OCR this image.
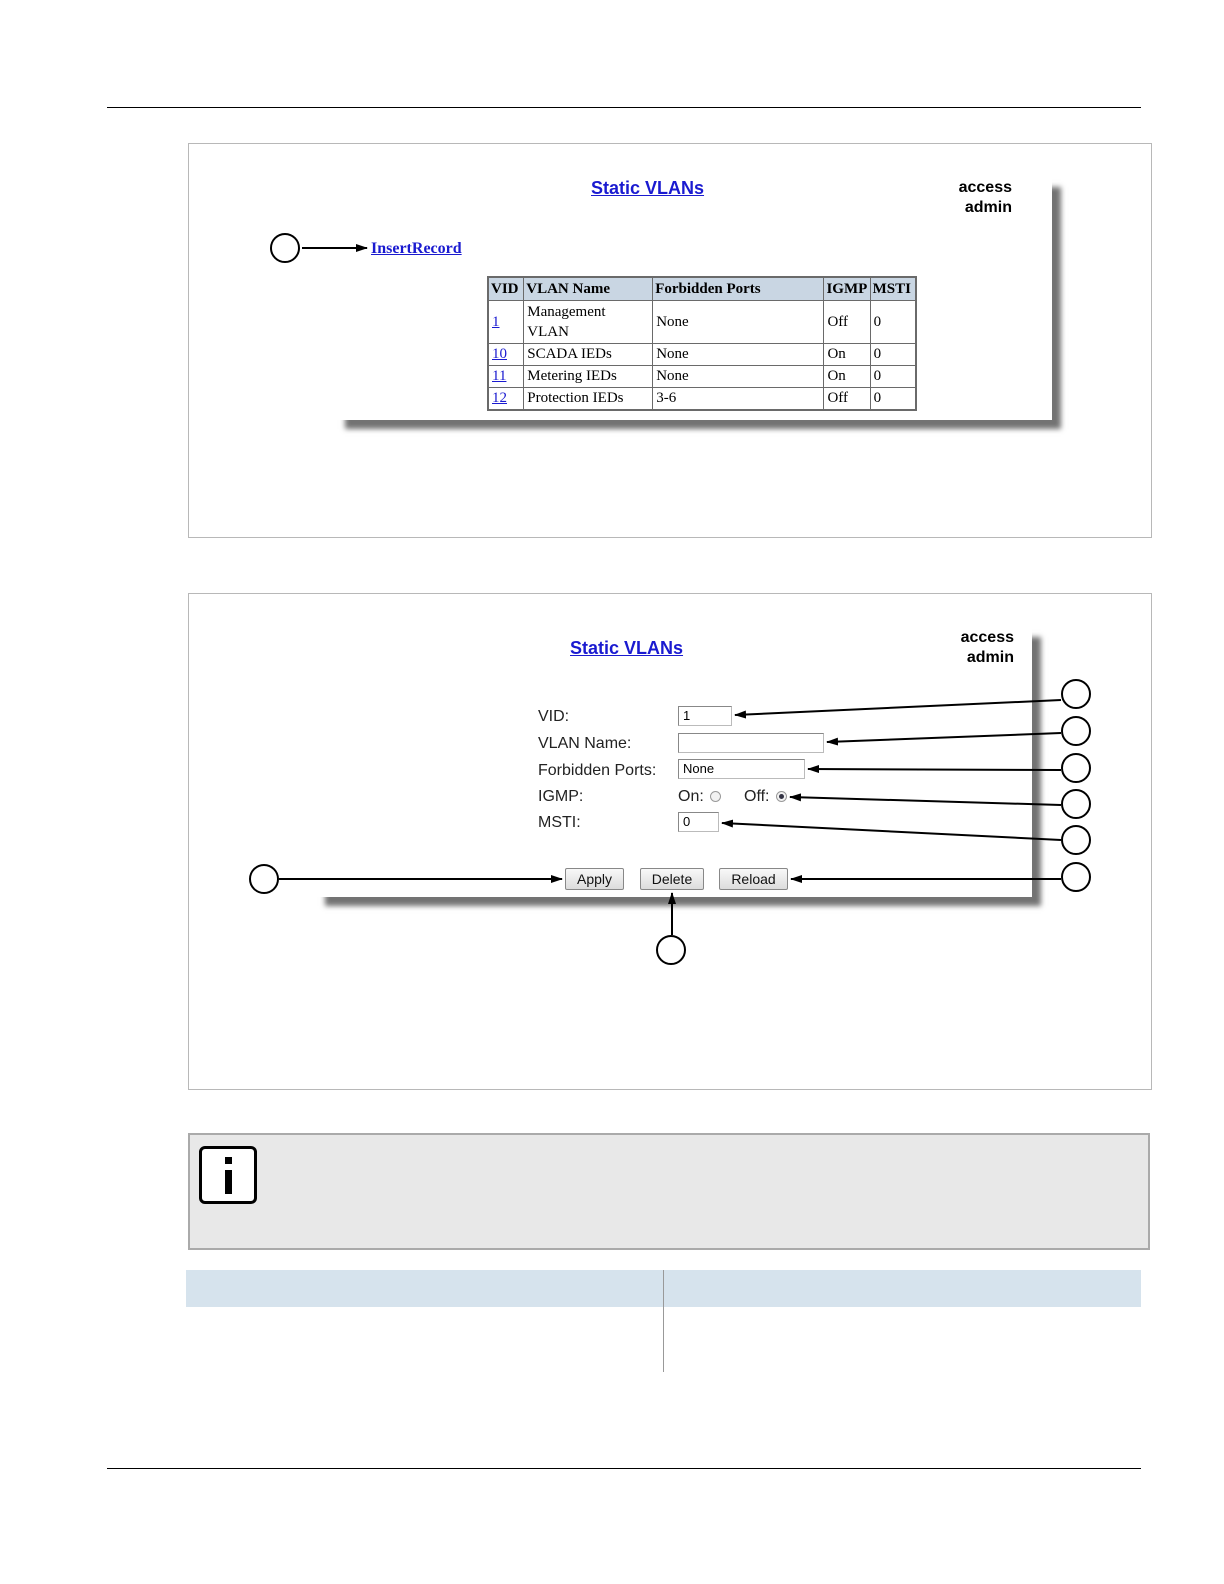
Static VLANs	access
admin
InsertRecord
VID	VLAN Name	Forbidden Ports	IGMP	MSTI
1	Management VLAN	None	Off	0
10	SCADA IEDs	None	On	0
11	Metering IEDs	None	On	0
12	Protection IEDs	3-6	Off	0
Static VLANs
access
admin
VID:	1
VLAN Name:
Forbidden Ports:	None
IGMP:	On:	Off:
MSTI:	0
Apply	Delete	Reload
